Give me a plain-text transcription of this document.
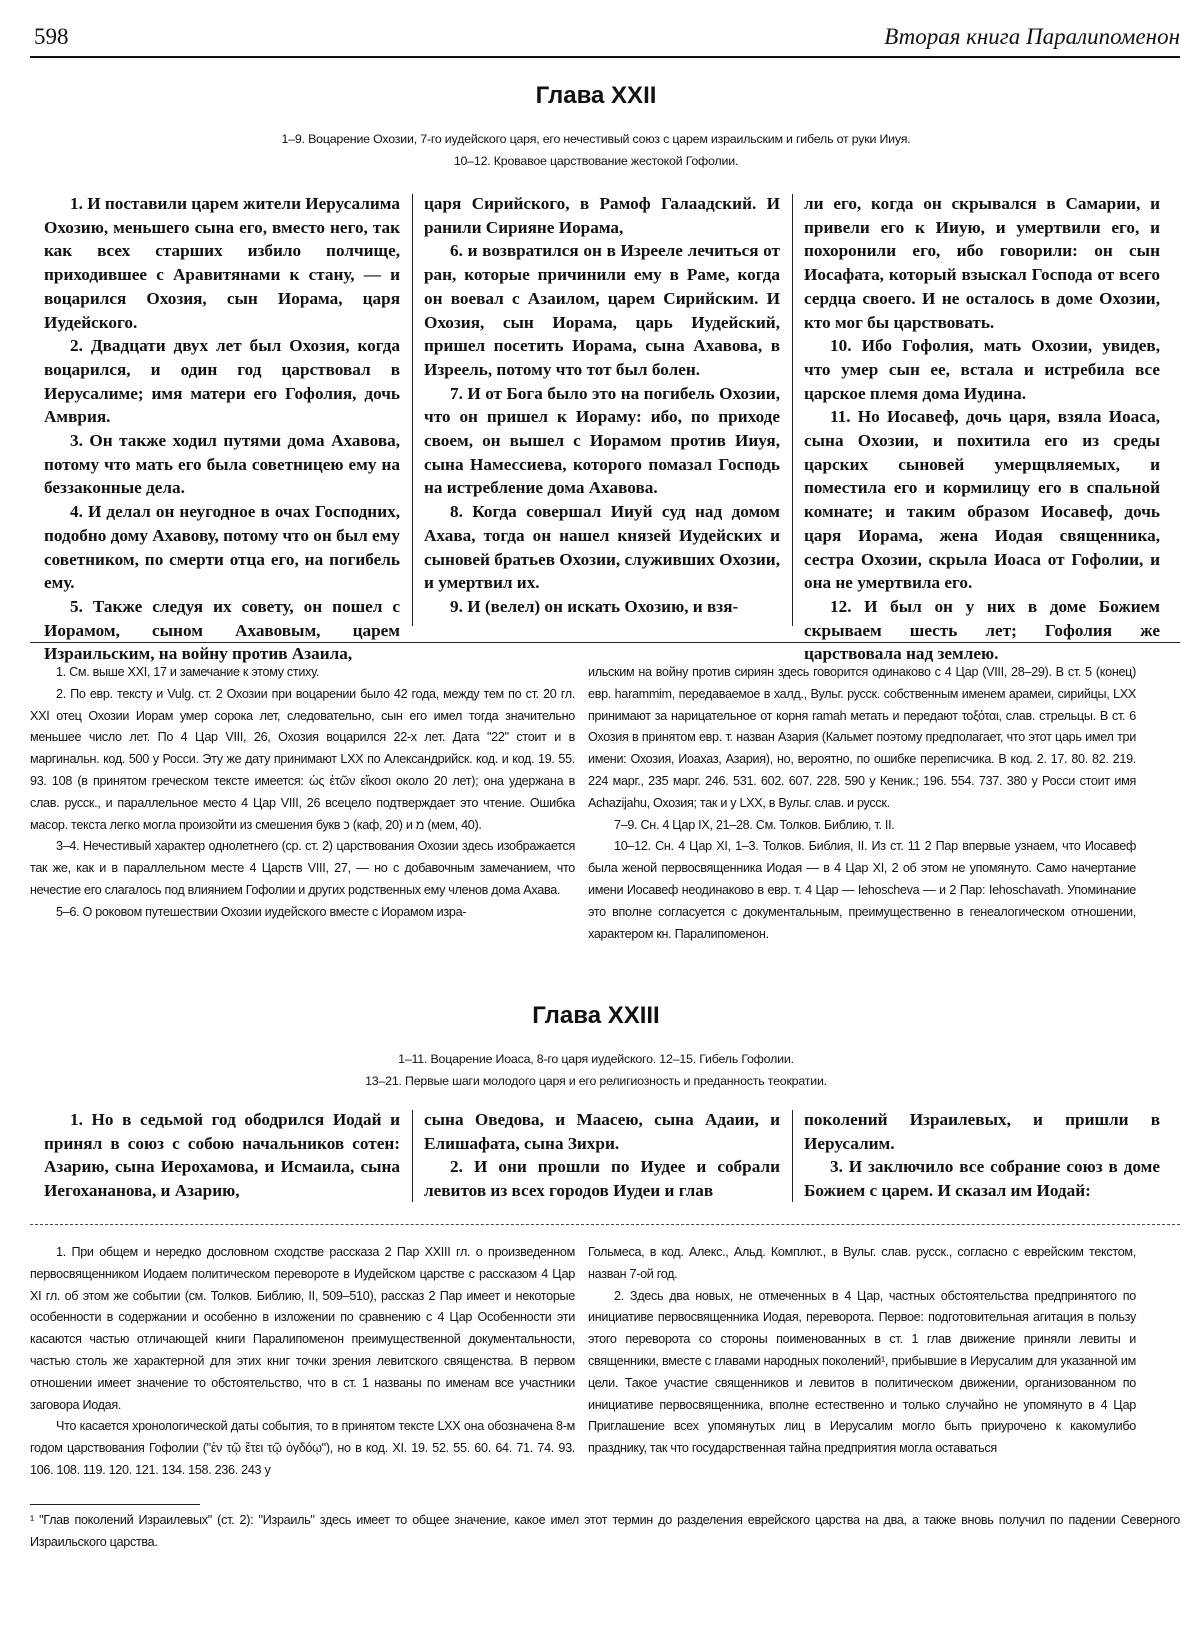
598	Вторая книга Паралипоменон
Глава XXII
1–9. Воцарение Охозии, 7-го иудейского царя, его нечестивый союз с царем израильским и гибель от руки Ииуя.
10–12. Кровавое царствование жестокой Гофолии.

1. И поставили царем жители Иерусалима Охозию, меньшего сына его, вместо него, так как всех старших избило полчище, приходившее с Аравитянами к стану, — и воцарился Охозия, сын Иорама, царя Иудейского.

2. Двадцати двух лет был Охозия, когда воцарился, и один год царствовал в Иерусалиме; имя матери его Гофолия, дочь Амврия.

3. Он также ходил путями дома Ахавова, потому что мать его была советницею ему на беззаконные дела.

4. И делал он неугодное в очах Господних, подобно дому Ахавову, потому что он был ему советником, по смерти отца его, на погибель ему.

5. Также следуя их совету, он пошел с Иорамом, сыном Ахавовым, царем Израильским, на войну против Азаила,

царя Сирийского, в Рамоф Галаадский. И ранили Сириянe Иорама,

6. и возвратился он в Изрееле лечиться от ран, которые причинили ему в Раме, когда он воевал с Азаилом, царем Сирийским. И Охозия, сын Иорама, царь Иудейский, пришел посетить Иорама, сына Ахавова, в Изреель, потому что тот был болен.

7. И от Бога было это на погибель Охозии, что он пришел к Иораму: ибо, по приходе своем, он вышел с Иорамом против Ииуя, сына Намессиева, которого помазал Господь на истребление дома Ахавова.

8. Когда совершал Ииуй суд над домом Ахава, тогда он нашел князей Иудейских и сыновей братьев Охозии, служивших Охозии, и умертвил их.

9. И (велел) он искать Охозию, и взя-

ли его, когда он скрывался в Самарии, и привели его к Ииую, и умертвили его, и похоронили его, ибо говорили: он сын Иосафата, который взыскал Господа от всего сердца своего. И не осталось в доме Охозии, кто мог бы царствовать.

10. Ибо Гофолия, мать Охозии, увидев, что умер сын ее, встала и истребила все царское племя дома Иудина.

11. Но Иосавеф, дочь царя, взяла Иоаса, сына Охозии, и похитила его из среды царских сыновей умерщвляемых, и поместила его и кормилицу его в спальной комнате; и таким образом Иосавеф, дочь царя Иорама, жена Иодая священника, сестра Охозии, скрыла Иоаса от Гофолии, и она не умертвила его.

12. И был он у них в доме Божием скрываем шесть лет; Гофолия же царствовала над землею.

1. См. выше XXI, 17 и замечание к этому стиху.

2. По евр. тексту и Vulg. ст. 2 Охозии при воцарении было 42 года, между тем по ст. 20 гл. XXI отец Охозии Иорам умер сорока лет, следовательно, сын его имел тогда значительно меньшее число лет. По 4 Цар VIII, 26, Охозия воцарился 22-х лет. Дата "22" стоит и в маргинальн. код. 500 у Росси. Эту же дату принимают LXX по Александрийск. код. и код. 19. 55. 93. 108 (в принятом греческом тексте имеется: ὡς ἐτῶν εἴκοσι около 20 лет); она удержана в слав. русск., и параллельное место 4 Цар VIII, 26 всецело подтверждает это чтение. Ошибка масор. текста легко могла произойти из смешения букв כ (каф, 20) и מ (мем, 40).

3–4. Нечестивый характер однолетнего (ср. ст. 2) царствования Охозии здесь изображается так же, как и в параллельном месте 4 Царств VIII, 27, — но с добавочным замечанием, что нечестие его слагалось под влиянием Гофолии и других родственных ему членов дома Ахава.

5–6. О роковом путешествии Охозии иудейского вместе с Иорамом изра-

ильским на войну против сириян здесь говорится одинаково с 4 Цар (VIII, 28–29). В ст. 5 (конец) евр. harammim, передаваемое в халд., Вульг. русск. собственным именем арамеи, сирийцы, LXX принимают за нарицательное от корня ramah метать и передают τοξόται, слав. стрельцы. В ст. 6 Охозия в принятом евр. т. назван Азария (Кальмет поэтому предполагает, что этот царь имел три имени: Охозия, Иоахаз, Азария), но, вероятно, по ошибке переписчика. В код. 2. 17. 80. 82. 219. 224 марг., 235 марг. 246. 531. 602. 607. 228. 590 у Кеник.; 196. 554. 737. 380 у Росси стоит имя Achazijahu, Охозия; так и у LXX, в Вульг. слав. и русск.

7–9. Сн. 4 Цар IX, 21–28. См. Толков. Библию, т. II.

10–12. Сн. 4 Цар XI, 1–3. Толков. Библия, II. Из ст. 11 2 Пар впервые узнаем, что Иосавеф была женой первосвященника Иодая — в 4 Цар XI, 2 об этом не упомянуто. Само начертание имени Иосавеф неодинаково в евр. т. 4 Цар — Iehoscheva — и 2 Пар: Iehoschavath. Упоминание это вполне согласуется с документальным, преимущественно в генеалогическом отношении, характером кн. Паралипоменон.

Глава XXIII
1–11. Воцарение Иоаса, 8-го царя иудейского. 12–15. Гибель Гофолии.
13–21. Первые шаги молодого царя и его религиозность и преданность теократии.

1. Но в седьмой год ободрился Иодай и принял в союз с собою начальников сотен: Азарию, сына Иерохамова, и Исмаила, сына Иегохананова, и Азарию,

сына Оведова, и Маасею, сына Адаии, и Елишафата, сына Зихри.

2. И они прошли по Иудее и собрали левитов из всех городов Иудеи и глав

поколений Израилевых, и пришли в Иерусалим.

3. И заключило все собрание союз в доме Божием с царем. И сказал им Иодай:

1. При общем и нередко дословном сходстве рассказа 2 Пар XXIII гл. о произведенном первосвященником Иодаем политическом перевороте в Иудейском царстве с рассказом 4 Цар XI гл. об этом же событии (см. Толков. Библию, II, 509–510), рассказ 2 Пар имеет и некоторые особенности в содержании и особенно в изложении по сравнению с 4 Цар Особенности эти касаются частью отличающей книги Паралипоменон преимущественной документальности, частью столь же характерной для этих книг точки зрения левитского священства. В первом отношении имеет значение то обстоятельство, что в ст. 1 названы по именам все участники заговора Иодая.

Что касается хронологической даты события, то в принятом тексте LXX она обозначена 8-м годом царствования Гофолии ("ἐν τῷ ἔτει τῷ ὀγδόῳ"), но в код. XI. 19. 52. 55. 60. 64. 71. 74. 93. 106. 108. 119. 120. 121. 134. 158. 236. 243 у

Гольмеса, в код. Алекс., Альд. Комплют., в Вульг. слав. русск., согласно с еврейским текстом, назван 7-ой год.

2. Здесь два новых, не отмеченных в 4 Цар, частных обстоятельства предпринятого по инициативе первосвященника Иодая, переворота. Первое: подготовительная агитация в пользу этого переворота со стороны поименованных в ст. 1 глав движение приняли левиты и священники, вместе с главами народных поколений¹, прибывшие в Иерусалим для указанной им цели. Такое участие священников и левитов в политическом движении, организованном по инициативе первосвященника, вполне естественно и только случайно не упомянуто в 4 Цар Приглашение всех упомянутых лиц в Иерусалим могло быть приурочено к какомулибо празднику, так что государственная тайна предприятия могла оставаться

¹ "Глав поколений Израилевых" (ст. 2): "Израиль" здесь имеет то общее значение, какое имел этот термин до разделения еврейского царства на два, а также вновь получил по падении Северного Израильского царства.
